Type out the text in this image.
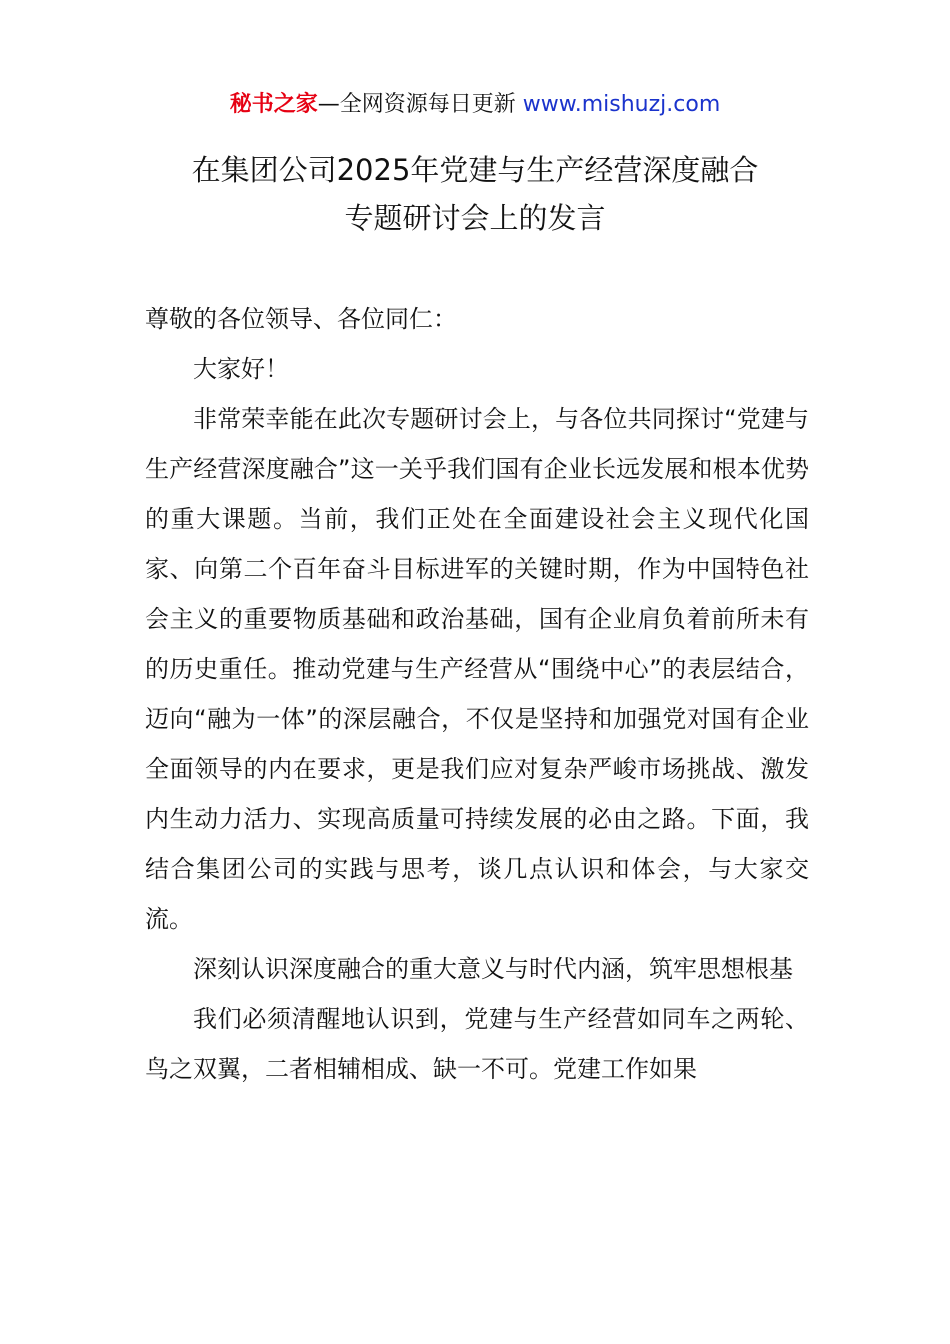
秘书之家—全网资源每日更新 www.mishuzj.com
在集团公司2025年党建与生产经营深度融合
专题研讨会上的发言

尊敬的各位领导、各位同仁：

大家好！

非常荣幸能在此次专题研讨会上，与各位共同探讨“党建与生产经营深度融合”这一关乎我们国有企业长远发展和根本优势的重大课题。当前，我们正处在全面建设社会主义现代化国家、向第二个百年奋斗目标进军的关键时期，作为中国特色社会主义的重要物质基础和政治基础，国有企业肩负着前所未有的历史重任。推动党建与生产经营从“围绕中心”的表层结合，迈向“融为一体”的深层融合，不仅是坚持和加强党对国有企业全面领导的内在要求，更是我们应对复杂严峻市场挑战、激发内生动力活力、实现高质量可持续发展的必由之路。下面，我结合集团公司的实践与思考，谈几点认识和体会，与大家交流。

深刻认识深度融合的重大意义与时代内涵，筑牢思想根基

我们必须清醒地认识到，党建与生产经营如同车之两轮、鸟之双翼，二者相辅相成、缺一不可。党建工作如果
